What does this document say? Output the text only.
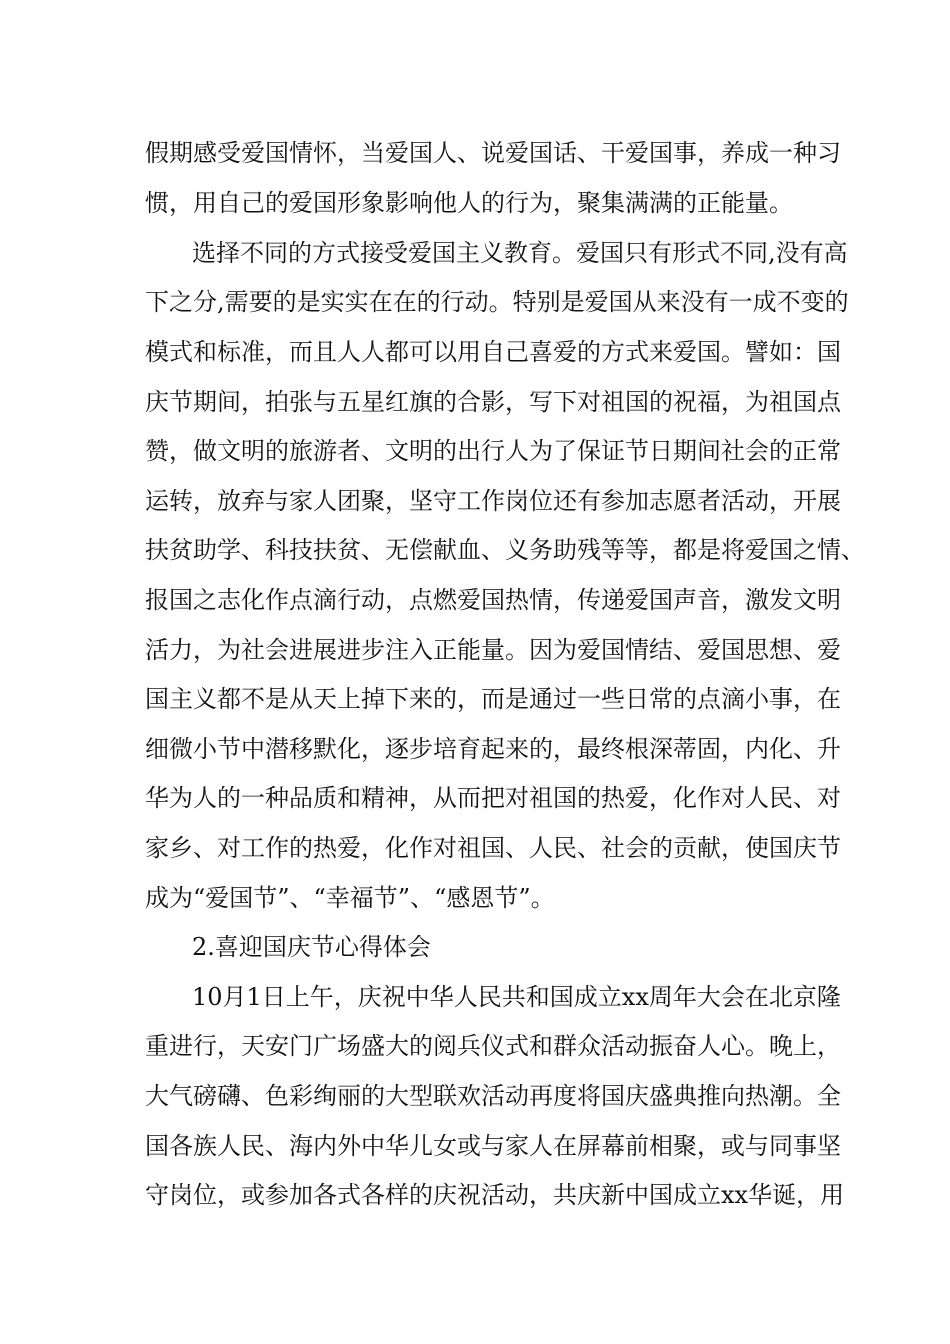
假期感受爱国情怀，当爱国人、说爱国话、干爱国事，养成一种习

惯，用自己的爱国形象影响他人的行为，聚集满满的正能量。

选择不同的方式接受爱国主义教育。爱国只有形式不同,没有高

下之分,需要的是实实在在的行动。特别是爱国从来没有一成不变的

模式和标准，而且人人都可以用自己喜爱的方式来爱国。譬如：国

庆节期间，拍张与五星红旗的合影，写下对祖国的祝福，为祖国点

赞，做文明的旅游者、文明的出行人为了保证节日期间社会的正常

运转，放弃与家人团聚，坚守工作岗位还有参加志愿者活动，开展

扶贫助学、科技扶贫、无偿献血、义务助残等等，都是将爱国之情、

报国之志化作点滴行动，点燃爱国热情，传递爱国声音，激发文明

活力，为社会进展进步注入正能量。因为爱国情结、爱国思想、爱

国主义都不是从天上掉下来的，而是通过一些日常的点滴小事，在

细微小节中潜移默化，逐步培育起来的，最终根深蒂固，内化、升

华为人的一种品质和精神，从而把对祖国的热爱，化作对人民、对

家乡、对工作的热爱，化作对祖国、人民、社会的贡献，使国庆节

成为“爱国节”、“幸福节”、“感恩节”。

2.喜迎国庆节心得体会

10月1日上午，庆祝中华人民共和国成立xx周年大会在北京隆

重进行，天安门广场盛大的阅兵仪式和群众活动振奋人心。晚上，

大气磅礴、色彩绚丽的大型联欢活动再度将国庆盛典推向热潮。全

国各族人民、海内外中华儿女或与家人在屏幕前相聚，或与同事坚

守岗位，或参加各式各样的庆祝活动，共庆新中国成立xx华诞，用
